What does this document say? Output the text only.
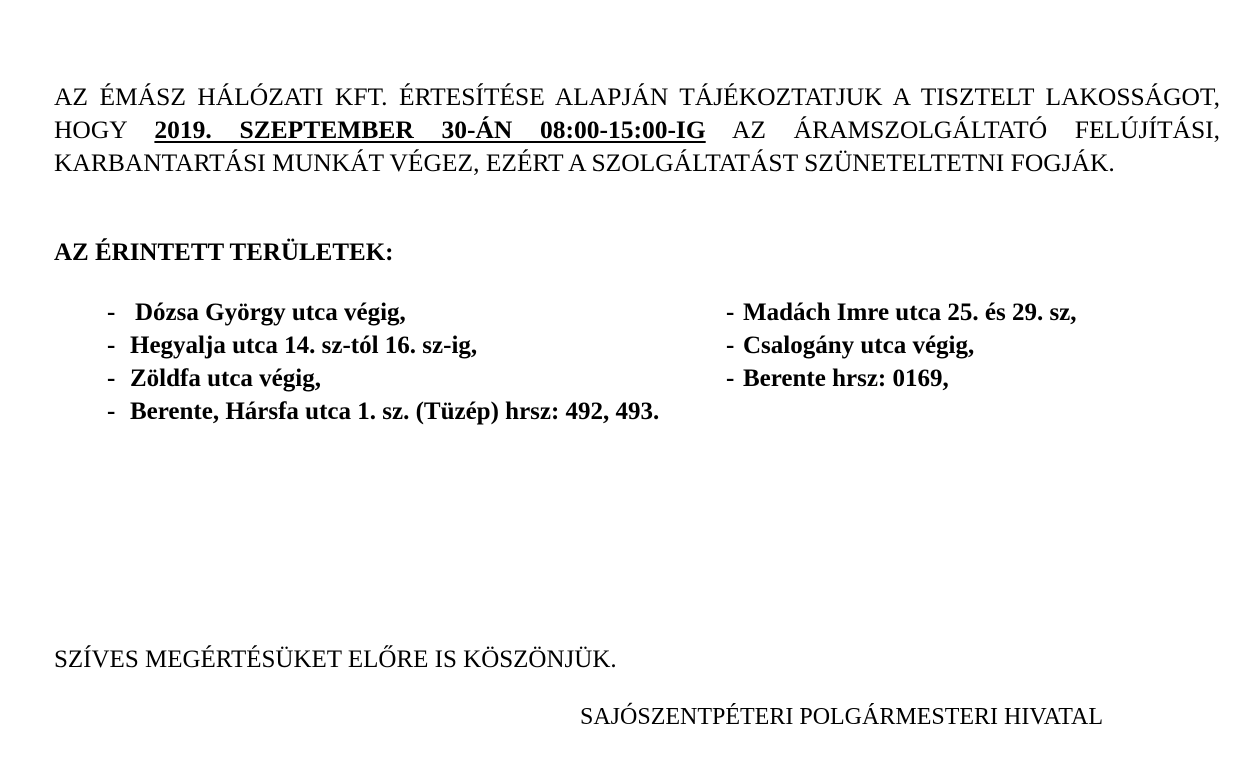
AZ ÉMÁSZ HÁLÓZATI KFT. ÉRTESÍTÉSE ALAPJÁN TÁJÉKOZTATJUK A TISZTELT LAKOSSÁGOT, HOGY 2019. SZEPTEMBER 30-ÁN 08:00-15:00-IG AZ ÁRAMSZOLGÁLTATÓ FELÚJÍTÁSI, KARBANTARTÁSI MUNKÁT VÉGEZ, EZÉRT A SZOLGÁLTATÁST SZÜNETELTETNI FOGJÁK.

AZ ÉRINTETT TERÜLETEK:
- Dózsa György utca végig,
- Hegyalja utca 14. sz-tól 16. sz-ig,
- Zöldfa utca végig,
- Berente, Hársfa utca 1. sz. (Tüzép) hrsz: 492, 493.
- Madách Imre utca 25. és 29. sz,
- Csalogány utca végig,
- Berente hrsz: 0169,

SZÍVES MEGÉRTÉSÜKET ELŐRE IS KÖSZÖNJÜK.

SAJÓSZENTPÉTERI POLGÁRMESTERI HIVATAL
